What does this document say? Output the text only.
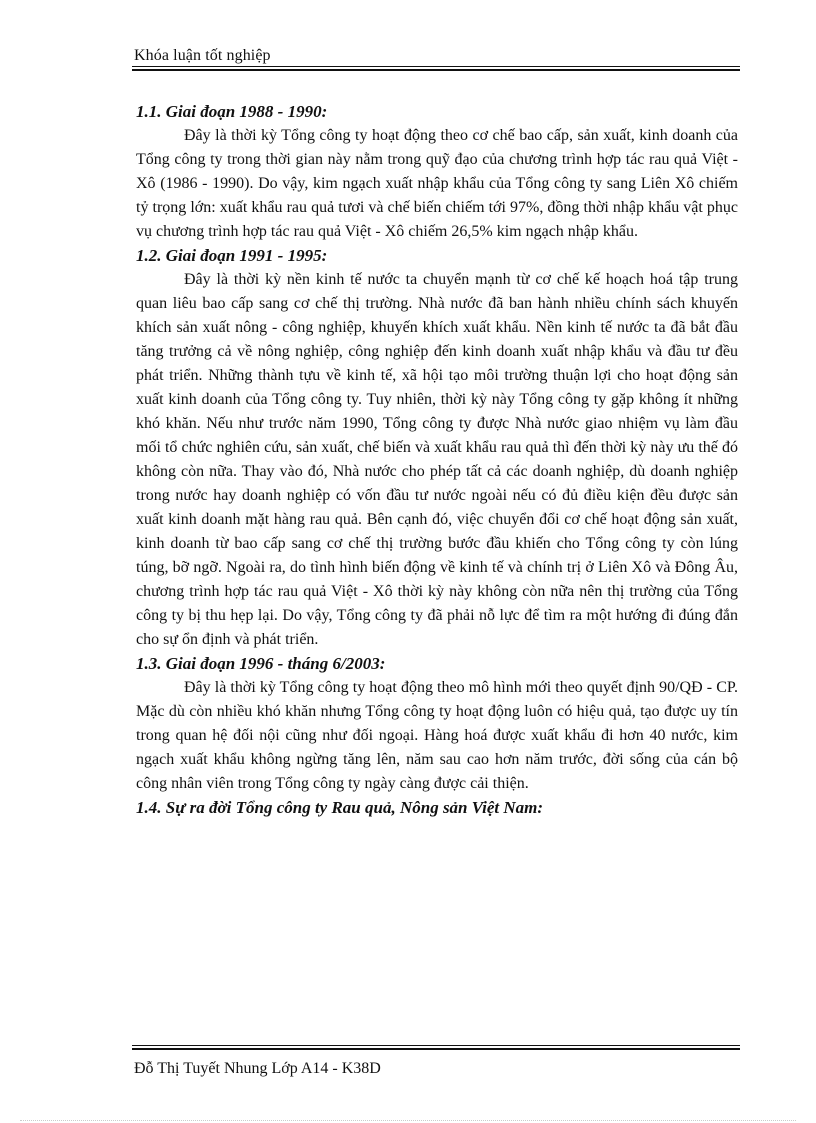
Khóa luận tốt nghiệp

1.1. Giai đoạn 1988 - 1990:

Đây là thời kỳ Tổng công ty hoạt động theo cơ chế bao cấp, sản xuất, kinh doanh của Tổng công ty trong thời gian này nằm trong quỹ đạo của chương trình hợp tác rau quả Việt - Xô (1986 - 1990). Do vậy, kim ngạch xuất nhập khẩu của Tổng công ty sang Liên Xô chiếm tỷ trọng lớn: xuất khẩu rau quả tươi và chế biến chiếm tới 97%, đồng thời nhập khẩu vật phục vụ chương trình hợp tác rau quả Việt - Xô chiếm 26,5% kim ngạch nhập khẩu.

1.2. Giai đoạn 1991 - 1995:

Đây là thời kỳ nền kinh tế nước ta chuyển mạnh từ cơ chế kế hoạch hoá tập trung quan liêu bao cấp sang cơ chế thị trường. Nhà nước đã ban hành nhiều chính sách khuyến khích sản xuất nông - công nghiệp, khuyến khích xuất khẩu. Nền kinh tế nước ta đã bắt đầu tăng trưởng cả về nông nghiệp, công nghiệp đến kinh doanh xuất nhập khẩu và đầu tư đều phát triển. Những thành tựu về kinh tế, xã hội tạo môi trường thuận lợi cho hoạt động sản xuất kinh doanh của Tổng công ty. Tuy nhiên, thời kỳ này Tổng công ty gặp không ít những khó khăn. Nếu như trước năm 1990, Tổng công ty được Nhà nước giao nhiệm vụ làm đầu mối tổ chức nghiên cứu, sản xuất, chế biến và xuất khẩu rau quả thì đến thời kỳ này ưu thế đó không còn nữa. Thay vào đó, Nhà nước cho phép tất cả các doanh nghiệp, dù doanh nghiệp trong nước hay doanh nghiệp có vốn đầu tư nước ngoài nếu có đủ điều kiện đều được sản xuất kinh doanh mặt hàng rau quả. Bên cạnh đó, việc chuyển đổi cơ chế hoạt động sản xuất, kinh doanh từ bao cấp sang cơ chế thị trường bước đầu khiến cho Tổng công ty còn lúng túng, bỡ ngỡ. Ngoài ra, do tình hình biến động về kinh tế và chính trị ở Liên Xô và Đông Âu, chương trình hợp tác rau quả Việt - Xô thời kỳ này không còn nữa nên thị trường của Tổng công ty bị thu hẹp lại. Do vậy, Tổng công ty đã phải nỗ lực để tìm ra một hướng đi đúng đắn cho sự ổn định và phát triển.

1.3. Giai đoạn 1996 - tháng 6/2003:

Đây là thời kỳ Tổng công ty hoạt động theo mô hình mới theo quyết định 90/QĐ - CP. Mặc dù còn nhiều khó khăn nhưng Tổng công ty hoạt động luôn có hiệu quả, tạo được uy tín trong quan hệ đối nội cũng như đối ngoại. Hàng hoá được xuất khẩu đi hơn 40 nước, kim ngạch xuất khẩu không ngừng tăng lên, năm sau cao hơn năm trước, đời sống của cán bộ công nhân viên trong Tổng công ty ngày càng được cải thiện.

1.4. Sự ra đời Tổng công ty Rau quả, Nông sản Việt Nam:

Đỗ Thị Tuyết Nhung Lớp A14 - K38D
